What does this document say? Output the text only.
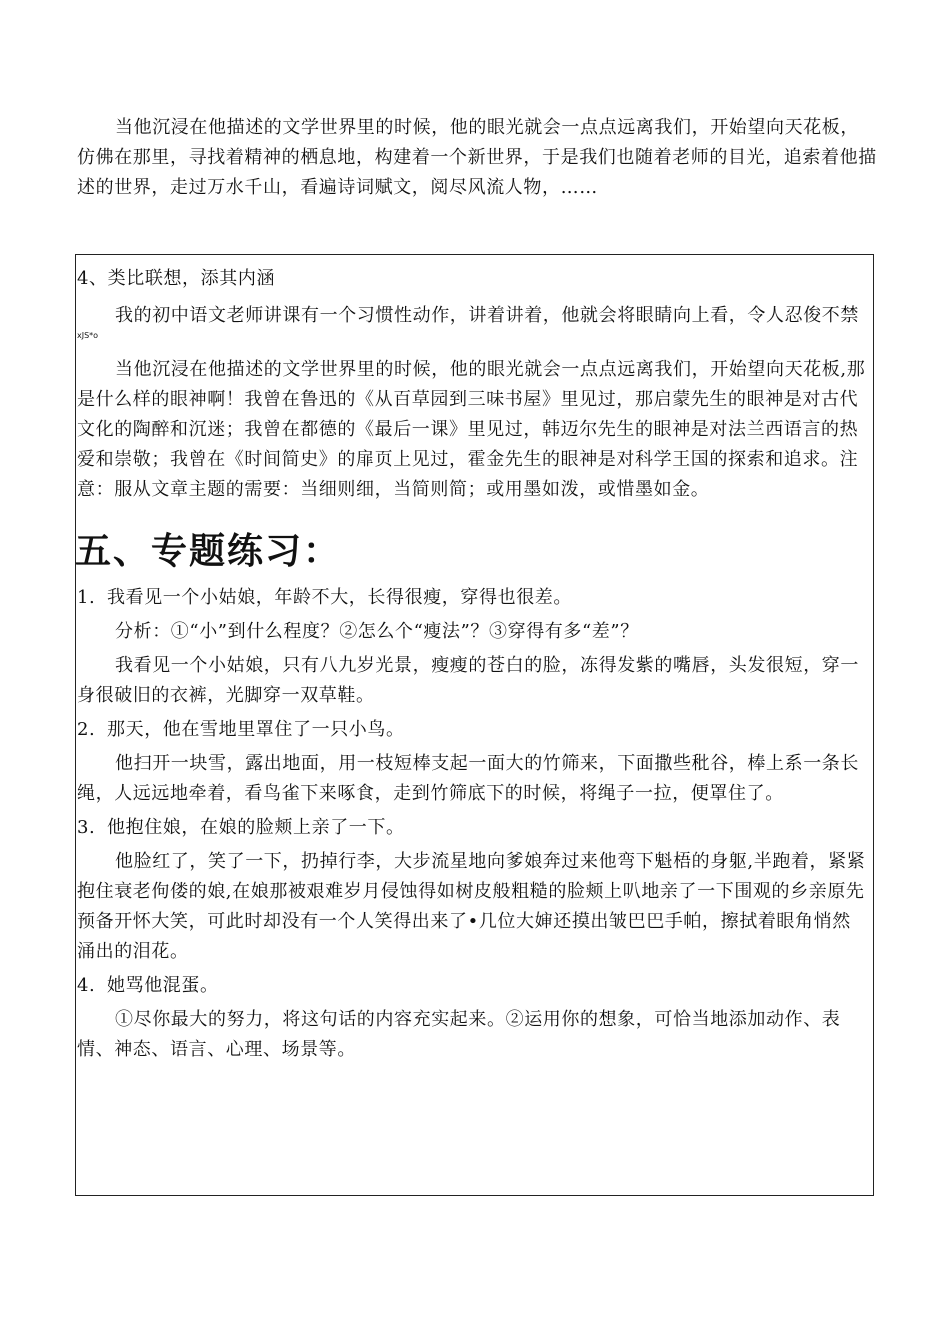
当他沉浸在他描述的文学世界里的时候，他的眼光就会一点点远离我们，开始望向天花板，仿佛在那里，寻找着精神的栖息地，构建着一个新世界，于是我们也随着老师的目光，追索着他描述的世界，走过万水千山，看遍诗词赋文，阅尽风流人物，……

4、类比联想，添其内涵

我的初中语文老师讲课有一个习惯性动作，讲着讲着，他就会将眼睛向上看，令人忍俊不禁

xJS*o

当他沉浸在他描述的文学世界里的时候，他的眼光就会一点点远离我们，开始望向天花板,那是什么样的眼神啊！我曾在鲁迅的《从百草园到三味书屋》里见过，那启蒙先生的眼神是对古代文化的陶醉和沉迷；我曾在都德的《最后一课》里见过，韩迈尔先生的眼神是对法兰西语言的热爱和崇敬；我曾在《时间简史》的扉页上见过，霍金先生的眼神是对科学王国的探索和追求。注意：服从文章主题的需要：当细则细，当简则简；或用墨如泼，或惜墨如金。

五、专题练习：

1. 我看见一个小姑娘，年龄不大，长得很瘦，穿得也很差。

分析：①“小”到什么程度？②怎么个“瘦法”？③穿得有多“差”？

我看见一个小姑娘，只有八九岁光景，瘦瘦的苍白的脸，冻得发紫的嘴唇，头发很短，穿一身很破旧的衣裤，光脚穿一双草鞋。

2. 那天，他在雪地里罩住了一只小鸟。

他扫开一块雪，露出地面，用一枝短棒支起一面大的竹筛来，下面撒些秕谷，棒上系一条长绳，人远远地牵着，看鸟雀下来啄食，走到竹筛底下的时候，将绳子一拉，便罩住了。

3. 他抱住娘，在娘的脸颊上亲了一下。

他脸红了，笑了一下，扔掉行李，大步流星地向爹娘奔过来他弯下魁梧的身躯,半跑着，紧紧抱住衰老佝偻的娘,在娘那被艰难岁月侵蚀得如树皮般粗糙的脸颊上叭地亲了一下围观的乡亲原先预备开怀大笑，可此时却没有一个人笑得出来了•几位大婶还摸出皱巴巴手帕，擦拭着眼角悄然涌出的泪花。

4. 她骂他混蛋。

①尽你最大的努力，将这句话的内容充实起来。②运用你的想象，可恰当地添加动作、表情、神态、语言、心理、场景等。
